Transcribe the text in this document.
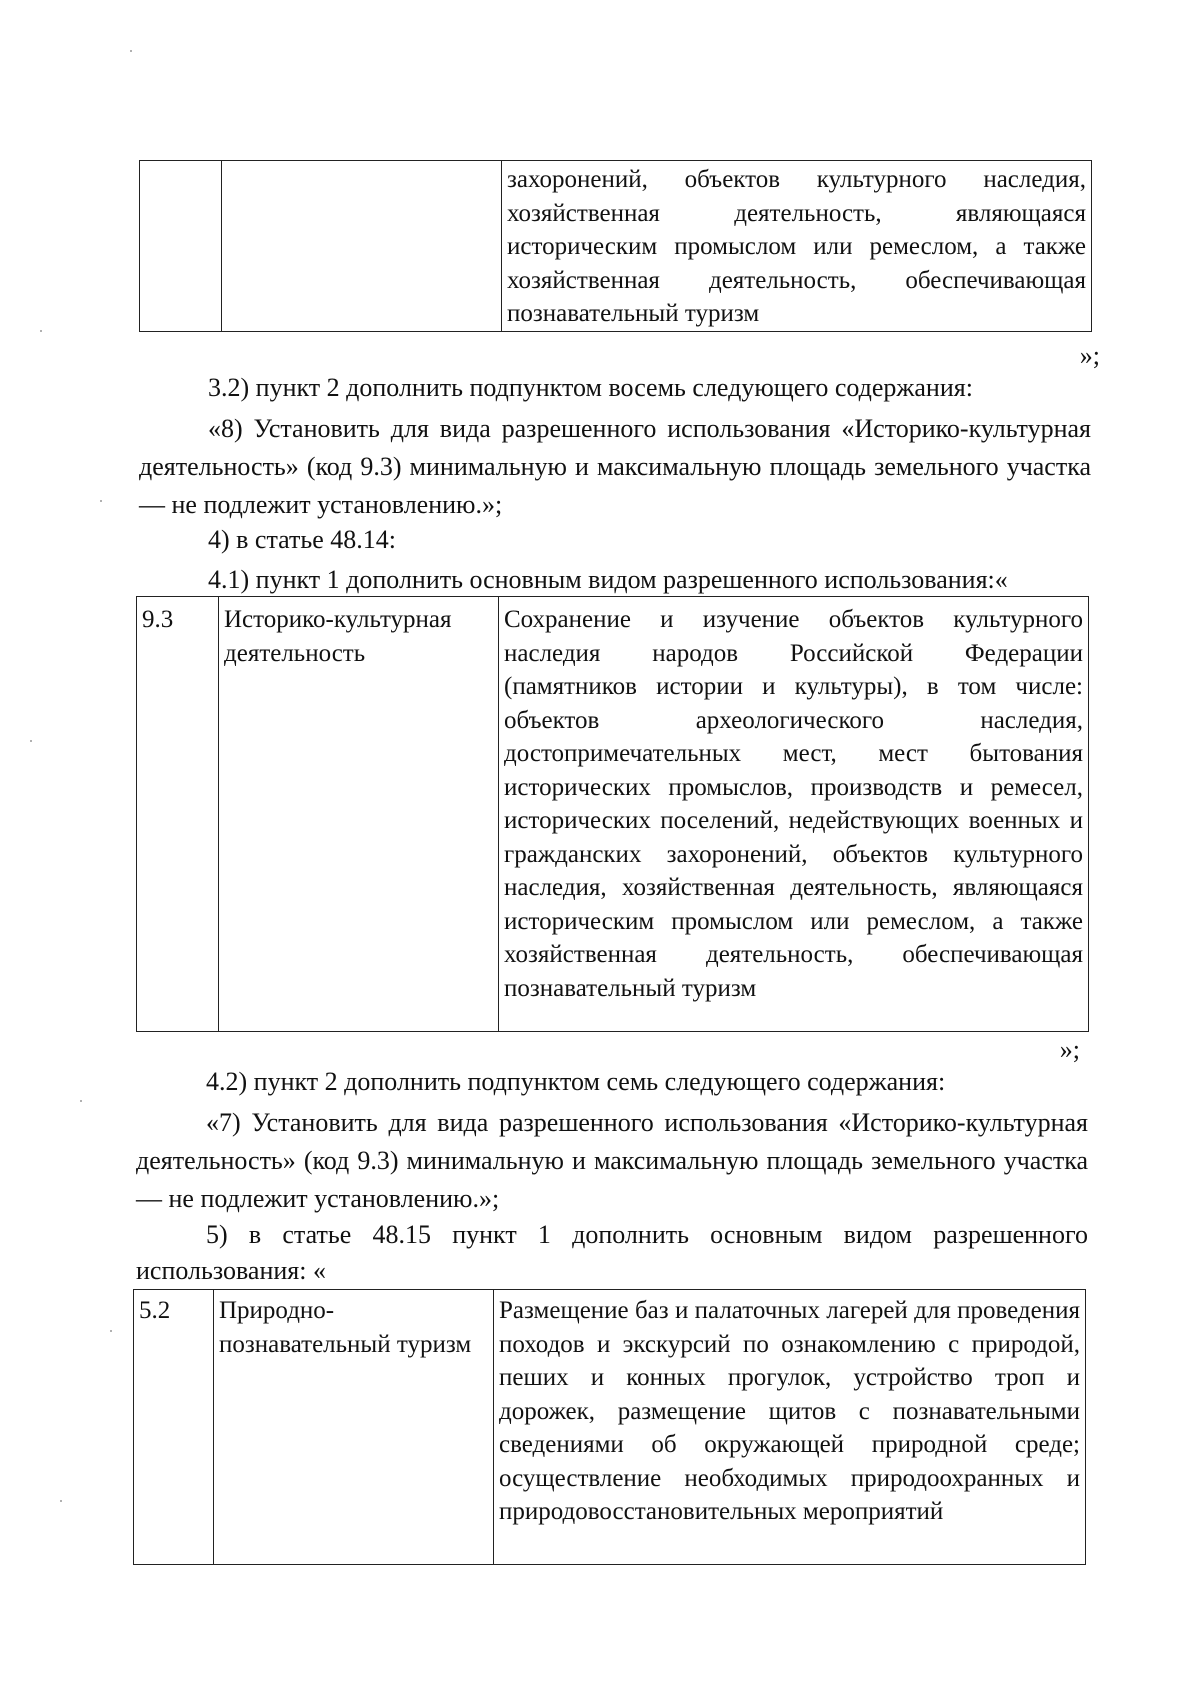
		захоронений, объектов культурного наследия, хозяйственная деятельность, являющаяся историческим промыслом или ремеслом, а также хозяйственная деятельность, обеспечивающая познавательный туризм

»;

3.2) пункт 2 дополнить подпунктом восемь следующего содержания:

«8) Установить для вида разрешенного использования «Историко-культурная деятельность» (код 9.3) минимальную и максимальную площадь земельного участка — не подлежит установлению.»;

4) в статье 48.14:

4.1) пункт 1 дополнить основным видом разрешенного использования:«

9.3	Историко-культурная деятельность	Сохранение и изучение объектов культурного наследия народов Российской Федерации (памятников истории и культуры), в том числе: объектов археологического наследия, достопримечательных мест, мест бытования исторических промыслов, производств и ремесел, исторических поселений, недействующих военных и гражданских захоронений, объектов культурного наследия, хозяйственная деятельность, являющаяся историческим промыслом или ремеслом, а также хозяйственная деятельность, обеспечивающая познавательный туризм

»;

4.2) пункт 2 дополнить подпунктом семь следующего содержания:

«7) Установить для вида разрешенного использования «Историко-культурная деятельность» (код 9.3) минимальную и максимальную площадь земельного участка — не подлежит установлению.»;

5) в статье 48.15 пункт 1 дополнить основным видом разрешенного использования: «

5.2	Природно-познавательный туризм	Размещение баз и палаточных лагерей для проведения походов и экскурсий по ознакомлению с природой, пеших и конных прогулок, устройство троп и дорожек, размещение щитов с познавательными сведениями об окружающей природной среде; осуществление необходимых природоохранных и природовосстановительных мероприятий
